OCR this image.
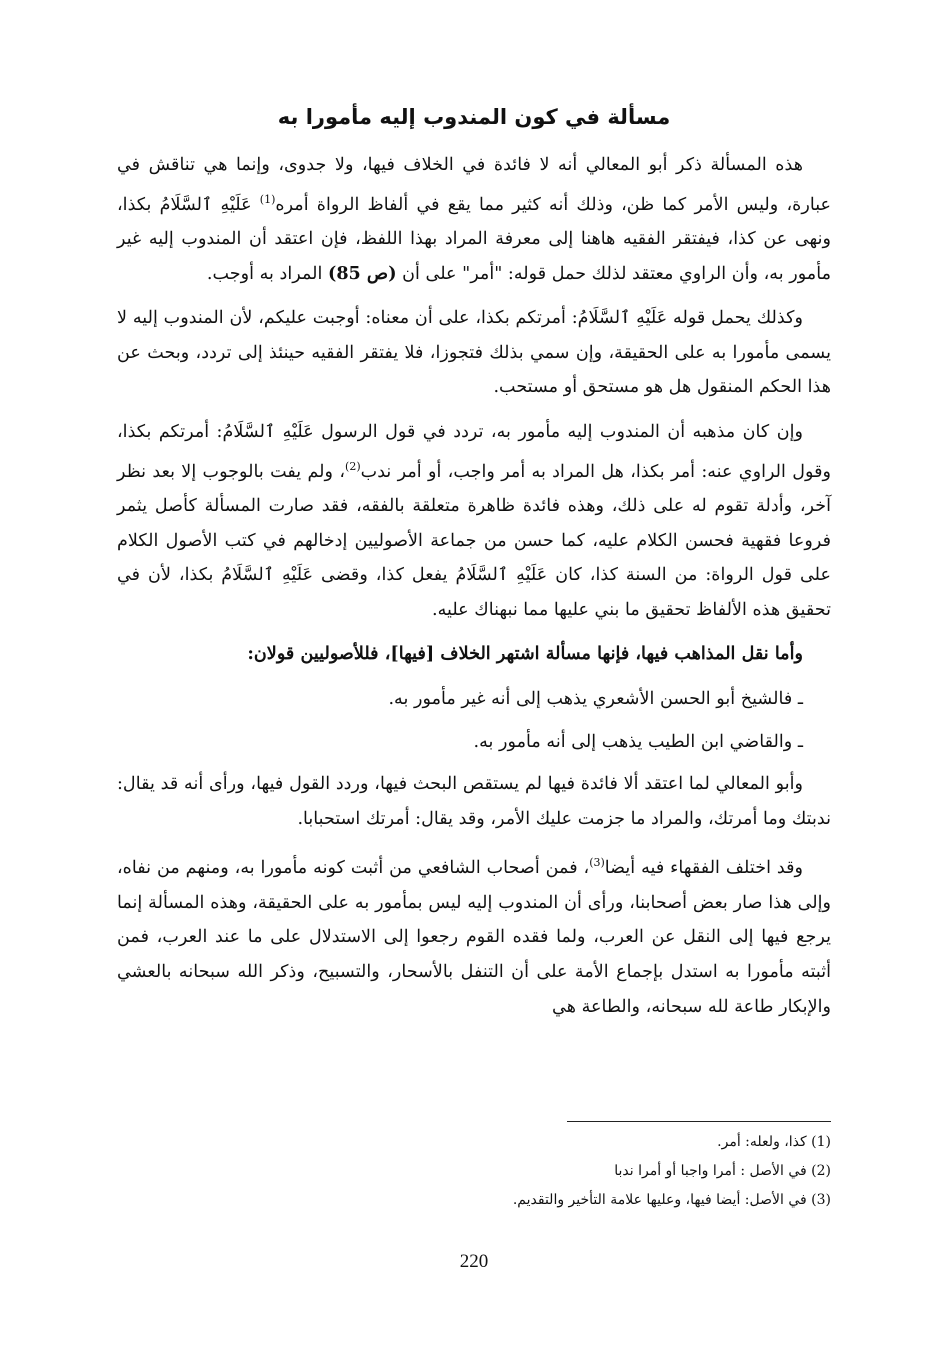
مسألة في كون المندوب إليه مأمورا به

هذه المسألة ذكر أبو المعالي أنه لا فائدة في الخلاف فيها، ولا جدوى، وإنما هي تناقش في عبارة، وليس الأمر كما ظن، وذلك أنه كثير مما يقع في ألفاظ الرواة أمره$^{(1)}$ عَلَيْهِ ٱلسَّلَامُ بكذا، ونهى عن كذا، فيفتقر الفقيه هاهنا إلى معرفة المراد بهذا اللفظ، فإن اعتقد أن المندوب إليه غير مأمور به، وأن الراوي معتقد لذلك حمل قوله: "أمر" على أن (ص 85) المراد به أوجب.

وكذلك يحمل قوله عَلَيْهِ ٱلسَّلَامُ: أمرتكم بكذا، على أن معناه: أوجبت عليكم، لأن المندوب إليه لا يسمى مأمورا به على الحقيقة، وإن سمي بذلك فتجوزا، فلا يفتقر الفقيه حينئذ إلى تردد، وبحث عن هذا الحكم المنقول هل هو مستحق أو مستحب.

وإن كان مذهبه أن المندوب إليه مأمور به، تردد في قول الرسول عَلَيْهِ ٱلسَّلَامُ: أمرتكم بكذا، وقول الراوي عنه: أمر بكذا، هل المراد به أمر واجب، أو أمر ندب$^{(2)}$، ولم يفت بالوجوب إلا بعد نظر آخر، وأدلة تقوم له على ذلك، وهذه فائدة ظاهرة متعلقة بالفقه، فقد صارت المسألة كأصل يثمر فروعا فقهية فحسن الكلام عليه، كما حسن من جماعة الأصوليين إدخالهم في كتب الأصول الكلام على قول الرواة: من السنة كذا، كان عَلَيْهِ ٱلسَّلَامُ يفعل كذا، وقضى عَلَيْهِ ٱلسَّلَامُ بكذا، لأن في تحقيق هذه الألفاظ تحقيق ما بني عليها مما نبهناك عليه.

وأما نقل المذاهب فيها، فإنها مسألة اشتهر الخلاف [فيها]، فللأصوليين قولان:

ـ فالشيخ أبو الحسن الأشعري يذهب إلى أنه غير مأمور به.

ـ والقاضي ابن الطيب يذهب إلى أنه مأمور به.

وأبو المعالي لما اعتقد ألا فائدة فيها لم يستقص البحث فيها، وردد القول فيها، ورأى أنه قد يقال: ندبتك وما أمرتك، والمراد ما جزمت عليك الأمر، وقد يقال: أمرتك استحبابا.

وقد اختلف الفقهاء فيه أيضا$^{(3)}$، فمن أصحاب الشافعي من أثبت كونه مأمورا به، ومنهم من نفاه، وإلى هذا صار بعض أصحابنا، ورأى أن المندوب إليه ليس بمأمور به على الحقيقة، وهذه المسألة إنما يرجع فيها إلى النقل عن العرب، ولما فقده القوم رجعوا إلى الاستدلال على ما عند العرب، فمن أثبته مأمورا به استدل بإجماع الأمة على أن التنفل بالأسحار، والتسبيح، وذكر الله سبحانه بالعشي والإبكار طاعة لله سبحانه، والطاعة هي

(1) كذا، ولعله: أمر.
(2) في الأصل : أمرا واجبا أو أمرا ندبا
(3) في الأصل: أيضا فيها، وعليها علامة التأخير والتقديم.
220
